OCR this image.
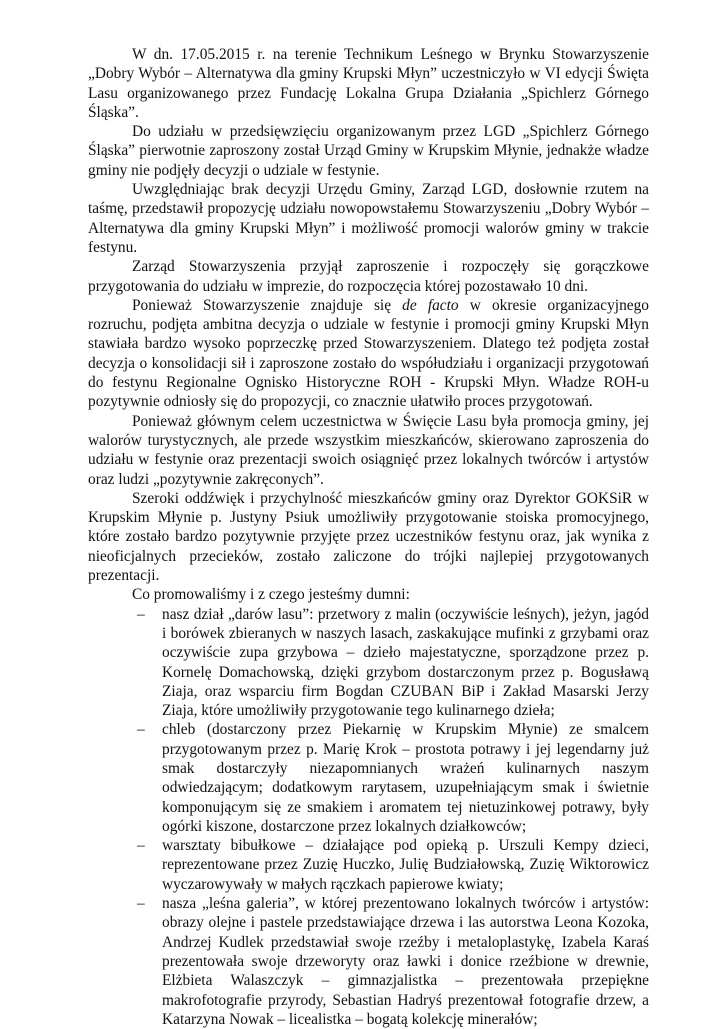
W dn. 17.05.2015 r. na terenie Technikum Leśnego w Brynku Stowarzyszenie „Dobry Wybór – Alternatywa dla gminy Krupski Młyn” uczestniczyło w VI edycji Święta Lasu organizowanego przez Fundację Lokalna Grupa Działania „Spichlerz Górnego Śląska”.

Do udziału w przedsięwzięciu organizowanym przez LGD „Spichlerz Górnego Śląska” pierwotnie zaproszony został Urząd Gminy w Krupskim Młynie, jednakże władze gminy nie podjęły decyzji o udziale w festynie.

Uwzględniając brak decyzji Urzędu Gminy, Zarząd LGD, dosłownie rzutem na taśmę, przedstawił propozycję udziału nowopowstałemu Stowarzyszeniu „Dobry Wybór – Alternatywa dla gminy Krupski Młyn” i możliwość promocji walorów gminy w trakcie festynu.

Zarząd Stowarzyszenia przyjął zaproszenie i rozpoczęły się gorączkowe przygotowania do udziału w imprezie, do rozpoczęcia której pozostawało 10 dni.

Ponieważ Stowarzyszenie znajduje się de facto w okresie organizacyjnego rozruchu, podjęta ambitna decyzja o udziale w festynie i promocji gminy Krupski Młyn stawiała bardzo wysoko poprzeczkę przed Stowarzyszeniem. Dlatego też podjęta został decyzja o konsolidacji sił i zaproszone zostało do współudziału i organizacji przygotowań do festynu Regionalne Ognisko Historyczne ROH - Krupski Młyn. Władze ROH-u pozytywnie odniosły się do propozycji, co znacznie ułatwiło proces przygotowań.

Ponieważ głównym celem uczestnictwa w Święcie Lasu była promocja gminy, jej walorów turystycznych, ale przede wszystkim mieszkańców, skierowano zaproszenia do udziału w festynie oraz prezentacji swoich osiągnięć przez lokalnych twórców i artystów oraz ludzi „pozytywnie zakręconych”.

Szeroki oddźwięk i przychylność mieszkańców gminy oraz Dyrektor GOKSiR w Krupskim Młynie p. Justyny Psiuk umożliwiły przygotowanie stoiska promocyjnego, które zostało bardzo pozytywnie przyjęte przez uczestników festynu oraz, jak wynika z nieoficjalnych przecieków, zostało zaliczone do trójki najlepiej przygotowanych prezentacji.

Co promowaliśmy i z czego jesteśmy dumni:

– nasz dział „darów lasu”: przetwory z malin (oczywiście leśnych), jeżyn, jagód i borówek zbieranych w naszych lasach, zaskakujące mufinki z grzybami oraz oczywiście zupa grzybowa – dzieło majestatyczne, sporządzone przez p. Kornelę Domachowską, dzięki grzybom dostarczonym przez p. Bogusławą Ziaja, oraz wsparciu firm Bogdan CZUBAN BiP i Zakład Masarski Jerzy Ziaja, które umożliwiły przygotowanie tego kulinarnego dzieła;
– chleb (dostarczony przez Piekarnię w Krupskim Młynie) ze smalcem przygotowanym przez p. Marię Krok – prostota potrawy i jej legendarny już smak dostarczyły niezapomnianych wrażeń kulinarnych naszym odwiedzającym; dodatkowym rarytasem, uzupełniającym smak i świetnie komponującym się ze smakiem i aromatem tej nietuzinkowej potrawy, były ogórki kiszone, dostarczone przez lokalnych działkowców;
– warsztaty bibułkowe – działające pod opieką p. Urszuli Kempy dzieci, reprezentowane przez Zuzię Huczko, Julię Budziałowską, Zuzię Wiktorowicz wyczarowywały w małych rączkach papierowe kwiaty;
– nasza „leśna galeria”, w której prezentowano lokalnych twórców i artystów: obrazy olejne i pastele przedstawiające drzewa i las autorstwa Leona Kozoka, Andrzej Kudlek przedstawiał swoje rzeźby i metaloplastykę, Izabela Karaś prezentowała swoje drzeworyty oraz ławki i donice rzeźbione w drewnie, Elżbieta Walaszczyk – gimnazjalistka – prezentowała przepiękne makrofotografie przyrody, Sebastian Hadryś prezentował fotografie drzew, a Katarzyna Nowak – licealistka – bogatą kolekcję minerałów;
